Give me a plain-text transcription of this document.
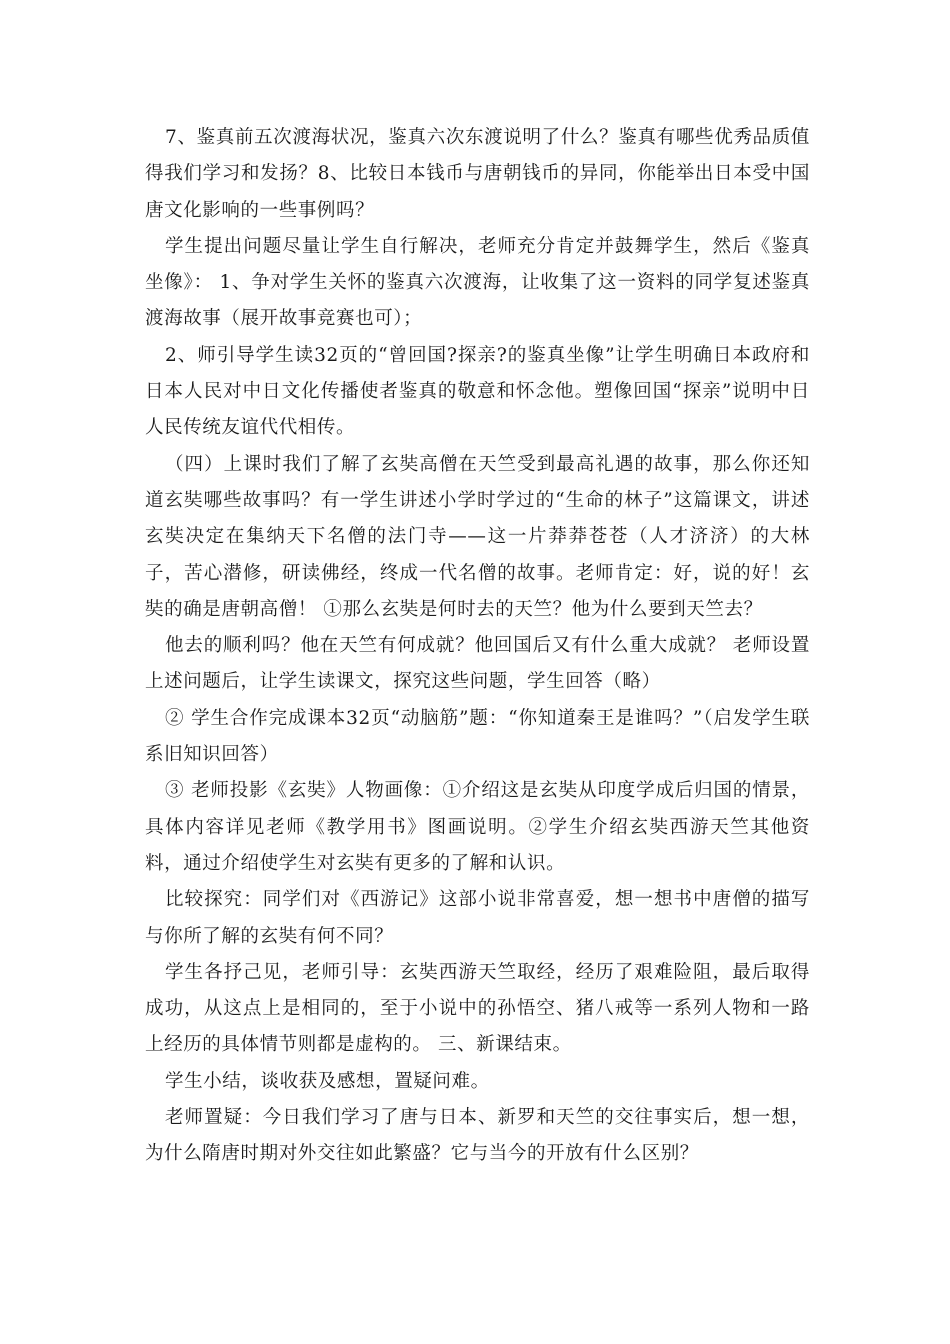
7、鉴真前五次渡海状况，鉴真六次东渡说明了什么？鉴真有哪些优秀品质值得我们学习和发扬？8、比较日本钱币与唐朝钱币的异同，你能举出日本受中国唐文化影响的一些事例吗？

学生提出问题尽量让学生自行解决，老师充分肯定并鼓舞学生，然后《鉴真坐像》： 1、争对学生关怀的鉴真六次渡海，让收集了这一资料的同学复述鉴真渡海故事（展开故事竞赛也可）；

2、师引导学生读32页的“曾回国?探亲?的鉴真坐像”让学生明确日本政府和日本人民对中日文化传播使者鉴真的敬意和怀念他。塑像回国“探亲”说明中日人民传统友谊代代相传。

（四）上课时我们了解了玄奘高僧在天竺受到最高礼遇的故事，那么你还知道玄奘哪些故事吗？有一学生讲述小学时学过的“生命的林子”这篇课文，讲述玄奘决定在集纳天下名僧的法门寺——这一片莽莽苍苍（人才济济）的大林子，苦心潜修，研读佛经，终成一代名僧的故事。老师肯定：好，说的好！玄奘的确是唐朝高僧！ ①那么玄奘是何时去的天竺？他为什么要到天竺去？

他去的顺利吗？他在天竺有何成就？他回国后又有什么重大成就？ 老师设置上述问题后，让学生读课文，探究这些问题，学生回答（略）

② 学生合作完成课本32页“动脑筋”题：“你知道秦王是谁吗？”（启发学生联系旧知识回答）

③ 老师投影《玄奘》人物画像：①介绍这是玄奘从印度学成后归国的情景，具体内容详见老师《教学用书》图画说明。②学生介绍玄奘西游天竺其他资料，通过介绍使学生对玄奘有更多的了解和认识。

比较探究：同学们对《西游记》这部小说非常喜爱，想一想书中唐僧的描写与你所了解的玄奘有何不同？

学生各抒己见，老师引导：玄奘西游天竺取经，经历了艰难险阻，最后取得成功，从这点上是相同的，至于小说中的孙悟空、猪八戒等一系列人物和一路上经历的具体情节则都是虚构的。 三、新课结束。

学生小结，谈收获及感想，置疑问难。

老师置疑：今日我们学习了唐与日本、新罗和天竺的交往事实后，想一想，为什么隋唐时期对外交往如此繁盛？它与当今的开放有什么区别？
